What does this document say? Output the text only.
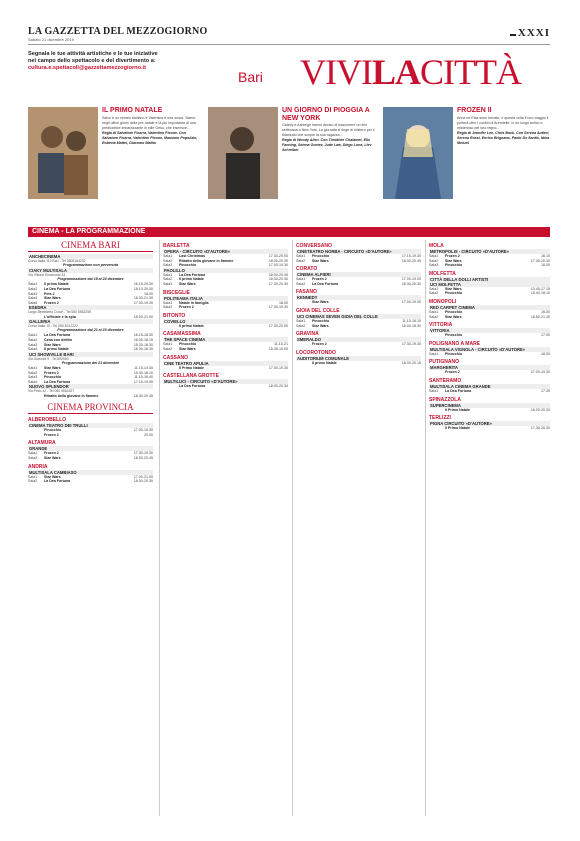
LA GAZZETTA DEL MEZZOGIORNO
Sabato 21 dicembre 2019
XXXI
Segnala le tue attività artistiche e le tue iniziative
nel campo dello spettacolo e del divertimento a:
cultura.e.spettacoli@gazzettamezzogiorno.it
Bari VIVILACITTÀ
IL PRIMO NATALE
Salvo è un vetraio siciliano e Valentina è una suora. Siamo negli ultimi giorni della pre-natale e la più importante di una predicatrice imbarazzante in stile Gesù, che inserisce...
Regia di Salvatore Ficarra, Valentino Picone. Con Salvatore Ficarra, Valentino Picone, Massimo Popolizio, Roberta Mattei, Giacomo Mattia
UN GIORNO DI PIOGGIA A NEW YORK
Gatsby e Ashleigh hanno deciso di trascorrere un fine settimana a New York. La giornata si tinge di mistero per il fidanzato che scopre la sua ragazza...
Regia di Woody Allen. Con Timothée Chalamet, Elle Fanning, Selena Gomez, Jude Law, Diego Luna, Liev Schreiber
FROZEN II
Anna ed Elsa sono tornate, e questa volta il loro viaggio li porterà oltre i confini di Arendelle, in un luogo antico e misterioso del loro regno...
Regia di Jennifer Lee, Chris Buck. Con Serena Autieri, Serena Rossi, Enrico Brignano, Paolo De Santis, Idina Menzel
CINEMA - LA PROGRAMMAZIONE
CINEMA BARI
ANCHECINEMA
Corso Italia 112 Bari - Tel 0809164232
Programmazione non pervenuta
CIAKY MULTISALA
Via Vittorio Emanuele 33
Programmazione dal 19 al 24 dicembre
Sala1	Il primo Natale	18.15-20.30
Sala2	La Dea Fortuna	18.10-20.30
Sala3	Pets 2	18.00
Sala4	Star Wars	18.30-21.30
Sala5	Frozen 2	17.30-19.30
ESEDRA
Largo Benedetto Croce - Tel 080 5552255
L'ufficiale e la spia	18.00-21.00
GALLERIA
Corso Italia 15 - Tel 080 5212222
Programmazione dal 21 al 23 dicembre
Sala1	La Dea Fortuna	16.15-18.30
Sala2	Cena con delitto	16.00-18.15
Sala3	Star Wars	15.30-18.30
Sala4	Il primo Natale	16.30-18.30
UCI SHOWVILLE BARI
Via Giannini 9 - Tel 892960
Programmazione del 21 dicembre
Sala1	Star Wars	11.15-14.45
Sala2	Frozen 2	15.40-18.10
Sala3	Pinocchio	11.15-16.40
Sala4	La Dea Fortuna	17.15-19.55
NUOVO SPLENDOR
Via Pinto 42 - Tel 080 5561827
Ritratto della giovane in fiamme	18.30-20.45
CINEMA PROVINCIA
ALBEROBELLO
CINEMA TEATRO DEI TRULLI
Pinocchio	17.00-19.30
Frozen 2	20.00
ALTAMURA
GRANDE
Sala1	Frozen 2	17.30-19.30
Sala2	Star Wars	18.00-20.45
ANDRIA
MULTISALA CAMBIASO
Sala1	Star Wars	17.00-21.00
Sala2	La Dea Fortuna	18.00-20.30
BARLETTA
OPERA - CIRCUITO «D'AUTORE»
Sala1	Last Christmas	17.30-20.00
Sala2	Ritratto della giovane in fiamme	18.00-20.30
Sala3	Pinocchio	17.00-19.30
PAOLILLO
Sala1	La Dea Fortuna	18.00-20.45
Sala2	Il primo Natale	18.30-20.30
Sala3	Star Wars	17.30-20.30
BISCEGLIE
POLITEAMA ITALIA
Sala1	Natale in famiglia	18.00
Sala2	Frozen 2	17.30-19.30
BITONTO
COVIELLO
Il primo Natale	17.30-20.00
CASAMASSIMA
THE SPACE CINEMA
Sala1	Pinocchio	11.15-21
Sala2	Star Wars	15.45-19.00
CASSANO
CINE TEATRO APULIA
Il Primo Natale	17.00-19.30
CASTELLANA GROTTE
MULTILUCI - CIRCUITO «D'AUTORE»
La Dea Fortuna	18.00-20.30
CONVERSANO
CINETEATRO NORBA - CIRCUITO «D'AUTORE»
Sala1	Pinocchio	17.15-19.30
Sala2	Star Wars	18.00-20.45
CORATO
CINEMA ALFIERI
Sala1	Frozen 2	17.00-19.00
Sala2	La Dea Fortuna	18.30-20.30
FASANO
KENNEDY
Star Wars	17.00-19.00
GIOIA DEL COLLE
UCI CINEMAS SEVEN GIOIA DEL COLLE
Sala1	Pinocchio	11.15-16.10
Sala2	Star Wars	15.00-18.30
GRAVINA
SMERALDO
Frozen 2	17.30-19.30
LOCOROTONDO
AUDITORIUM COMUNALE
Il primo Natale	18.00-20.15
MOLA
METROPOLIS - CIRCUITO «D'AUTORE»
Sala1	Frozen 2	16.10
Sala2	Star Wars	17.30-20.30
Sala3	Pinocchio	18.00
MOLFETTA
CITTÀ DELLA DOLLI ARTISTI
UCI MOLFETTA
Sala1	Star Wars	13.45-17.15
Sala2	Pinocchio	15.40-18.10
MONOPOLI
RED CARPET CINEMA
Sala1	Pinocchio	16.30
Sala2	Star Wars	16.50-21.30
VITTORIA
VITTORIA
Pinocchio	17.00
POLIGNANO A MARE
MULTISALA VIGNOLA - CIRCUITO «D'AUTORE»
Sala1	Pinocchio	18.00
PUTIGNANO
MARGHERITA
Frozen 2	17.00-19.30
SANTERAMO
MULTISALA CINEMA GRANDE
Sala1	La Dea Fortuna	17.30
SPINAZZOLA
SUPERCINEMA
Il Primo Natale	18.00-20.30
TERLIZZI
PIGNA CIRCUITO «D'AUTORE»
Il Primo Natale	17.30-20.30
